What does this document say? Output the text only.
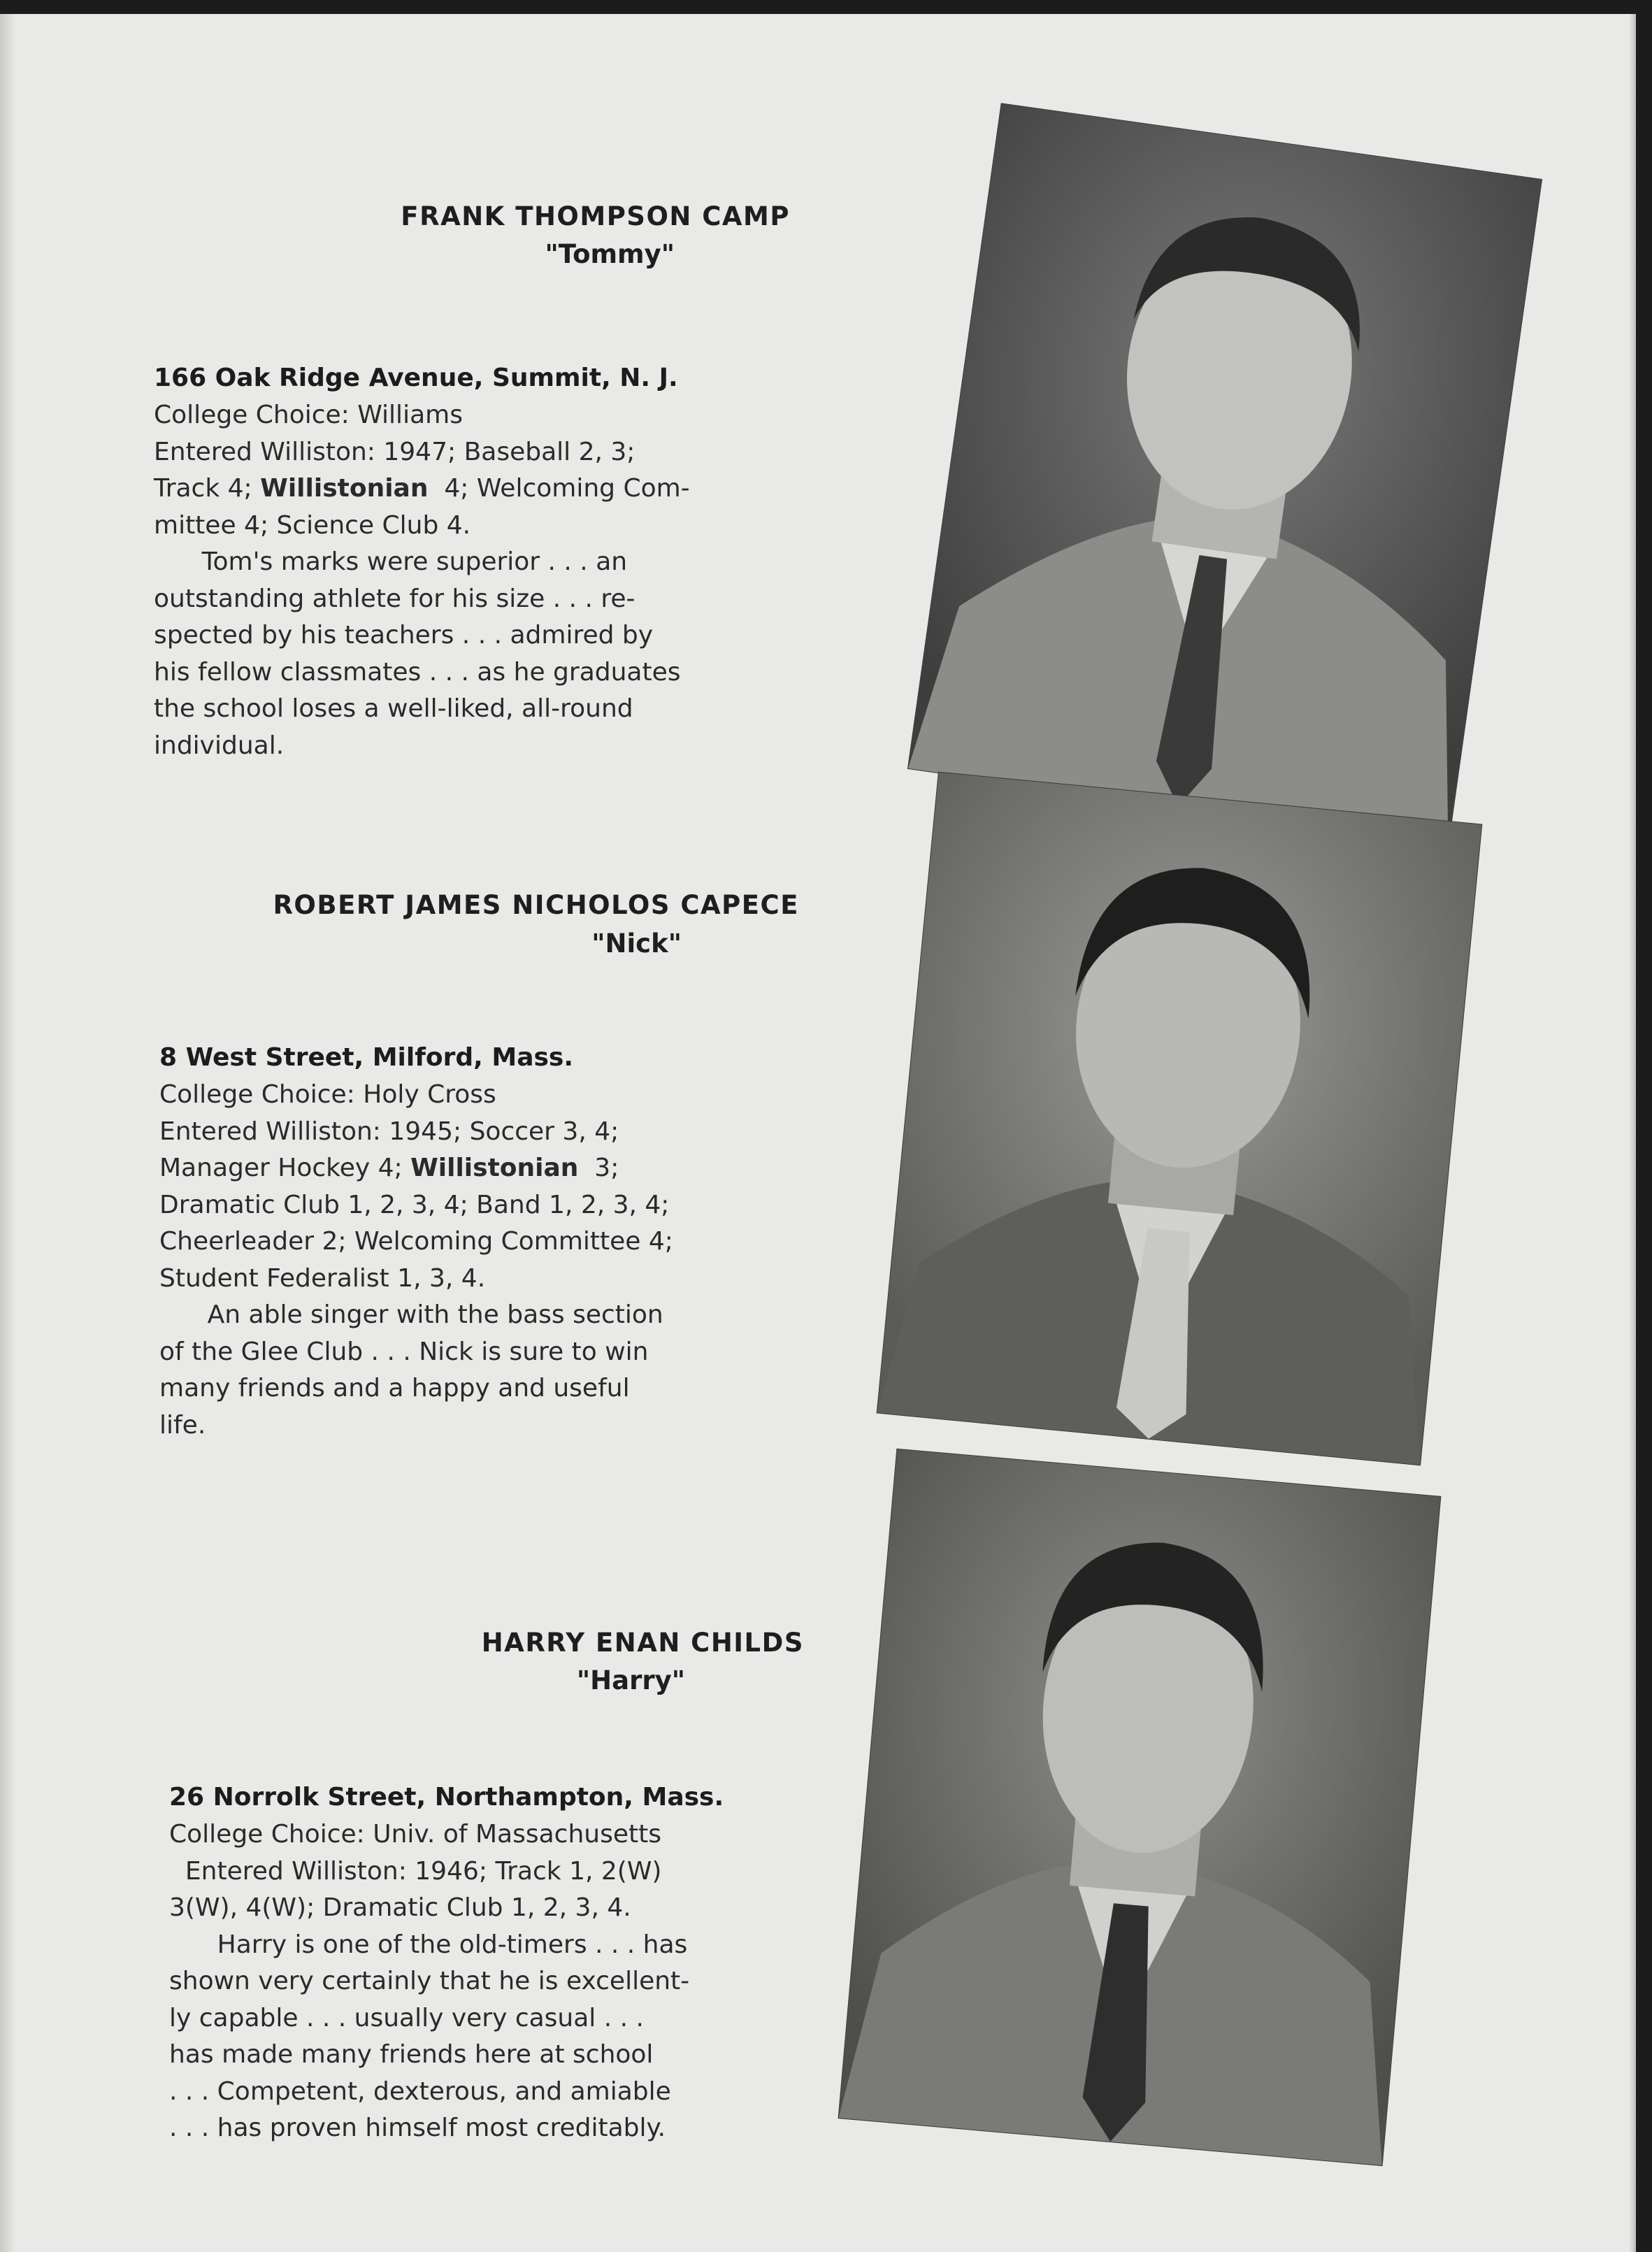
FRANK THOMPSON CAMP
"Tommy"
166 Oak Ridge Avenue, Summit, N. J.
College Choice: Williams
Entered Williston: 1947; Baseball 2, 3;
Track 4; Willistonian  4; Welcoming Com-
mittee 4; Science Club 4.
Tom's marks were superior . . . an
outstanding athlete for his size . . . re-
spected by his teachers . . . admired by
his fellow classmates . . . as he graduates
the school loses a well-liked, all-round
individual.
ROBERT JAMES NICHOLOS CAPECE
"Nick"
8 West Street, Milford, Mass.
College Choice: Holy Cross
Entered Williston: 1945; Soccer 3, 4;
Manager Hockey 4; Willistonian  3;
Dramatic Club 1, 2, 3, 4; Band 1, 2, 3, 4;
Cheerleader 2; Welcoming Committee 4;
Student Federalist 1, 3, 4.
An able singer with the bass section
of the Glee Club . . . Nick is sure to win
many friends and a happy and useful
life.
HARRY ENAN CHILDS
"Harry"
26 Norrolk Street, Northampton, Mass.
College Choice: Univ. of Massachusetts
Entered Williston: 1946; Track 1, 2(W)
3(W), 4(W); Dramatic Club 1, 2, 3, 4.
Harry is one of the old-timers . . . has
shown very certainly that he is excellent-
ly capable . . . usually very casual . . .
has made many friends here at school
. . . Competent, dexterous, and amiable
. . . has proven himself most creditably.
